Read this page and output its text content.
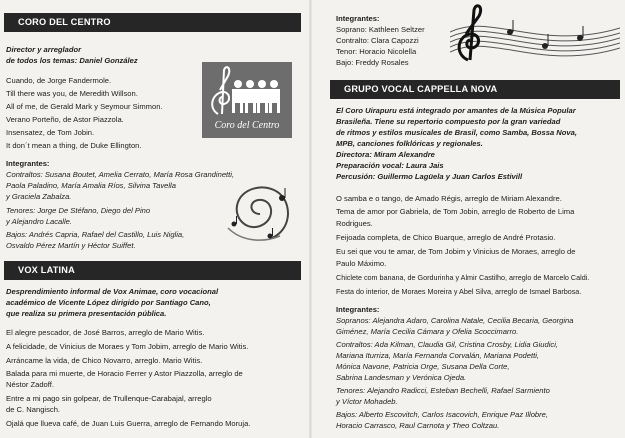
CORO DEL CENTRO
Director y arreglador
de todos los temas: Daniel González
Cuando, de Jorge Fandermole.
Till there was you, de Meredith Willson.
All of me, de Gerald Mark y Seymour Simmon.
Verano Porteño, de Astor Piazzola.
Insensatez, de Tom Jobin.
It don´t mean a thing, de Duke Ellington.
Coro del Centro
Integrantes:
Contraltos: Susana Boutet, Amelia Cerrato, María Rosa Grandinetti,
Paola Paladino, María Amalia Ríos, Silvina Tavella
y Graciela Zabalza.
Tenores: Jorge De Stéfano, Diego del Pino
y Alejandro Lacalle.
Bajos: Andrés Capria, Rafael del Castillo, Luis Niglia,
Osvaldo Pérez Martín y Héctor Suiffet.
VOX LATINA
Desprendimiento informal de Vox Animae, coro vocacional
académico de Vicente López dirigido por Santiago Cano,
que realiza su primera presentación pública.
El alegre pescador, de José Barros, arreglo de Mario Witis.
A felicidade, de Vinicius de Moraes y Tom Jobim, arreglo de Mario Witis.
Arráncame la vida, de Chico Novarro, arreglo. Mario Witis.
Balada para mi muerte, de Horacio Ferrer y Astor Piazzolla, arreglo de
Néstor Zadoff.
Entre a mi pago sin golpear, de Trullenque-Carabajal, arreglo
de C. Nangisch.
Ojalá que llueva café, de Juan Luis Guerra, arreglo de Fernando Moruja.
Integrantes:
Soprano: Kathleen Seltzer
Contralto: Clara Capozzi
Tenor: Horacio Nicolella
Bajo: Freddy Rosales
GRUPO VOCAL CAPPELLA NOVA
El Coro Uirapuru está integrado por amantes de la Música Popular
Brasileña. Tiene su repertorio compuesto por la gran variedad
de ritmos y estilos musicales de Brasil, como Samba, Bossa Nova,
MPB, canciones folklóricas y regionales.
Directora: Miram Alexandre
Preparación vocal: Laura Jais
Percusión: Guillermo Lagüela y Juan Carlos Estivill
O samba e o tango, de Amado Régis, arreglo de Miriam Alexandre.
Tema de amor por Gabriela, de Tom Jobin, arreglo de Roberto de Lima
Rodrigues.
Feijoada completa, de Chico Buarque, arreglo de André Protasio.
Eu sei que vou te amar, de Tom Jobim y Vinicius de Moraes, arreglo de
Paulo Máximo.
Chiclete com banana, de Gordurinha y Almir Castilho, arreglo de Marcelo Caldi.
Festa do interior, de Moraes Moreira y Abel Silva, arreglo de Ismael Barbosa.
Integrantes:
Sopranos: Alejandra Adaro, Carolina Natale, Cecilia Becaria, Georgina
Giménez, María Cecilia Cámara y Ofelia Scoccimarro.
Contraltos: Ada Kilman, Claudia Gil, Cristina Crosby, Lidia Giudici,
Mariana Iturriza, María Fernanda Corvalán, Mariana Podetti,
Mónica Navone, Patricia Orge, Susana Della Corte,
Sabrina Landesman y Verónica Ojeda.
Tenores: Alejandro Radicci, Esteban Bechelli, Rafael Sarmiento
y Víctor Mohadeb.
Bajos: Alberto Escovitch, Carlos Isacovich, Enrique Paz Illobre,
Horacio Carrasco, Raul Carnota y Theo Coltzau.
